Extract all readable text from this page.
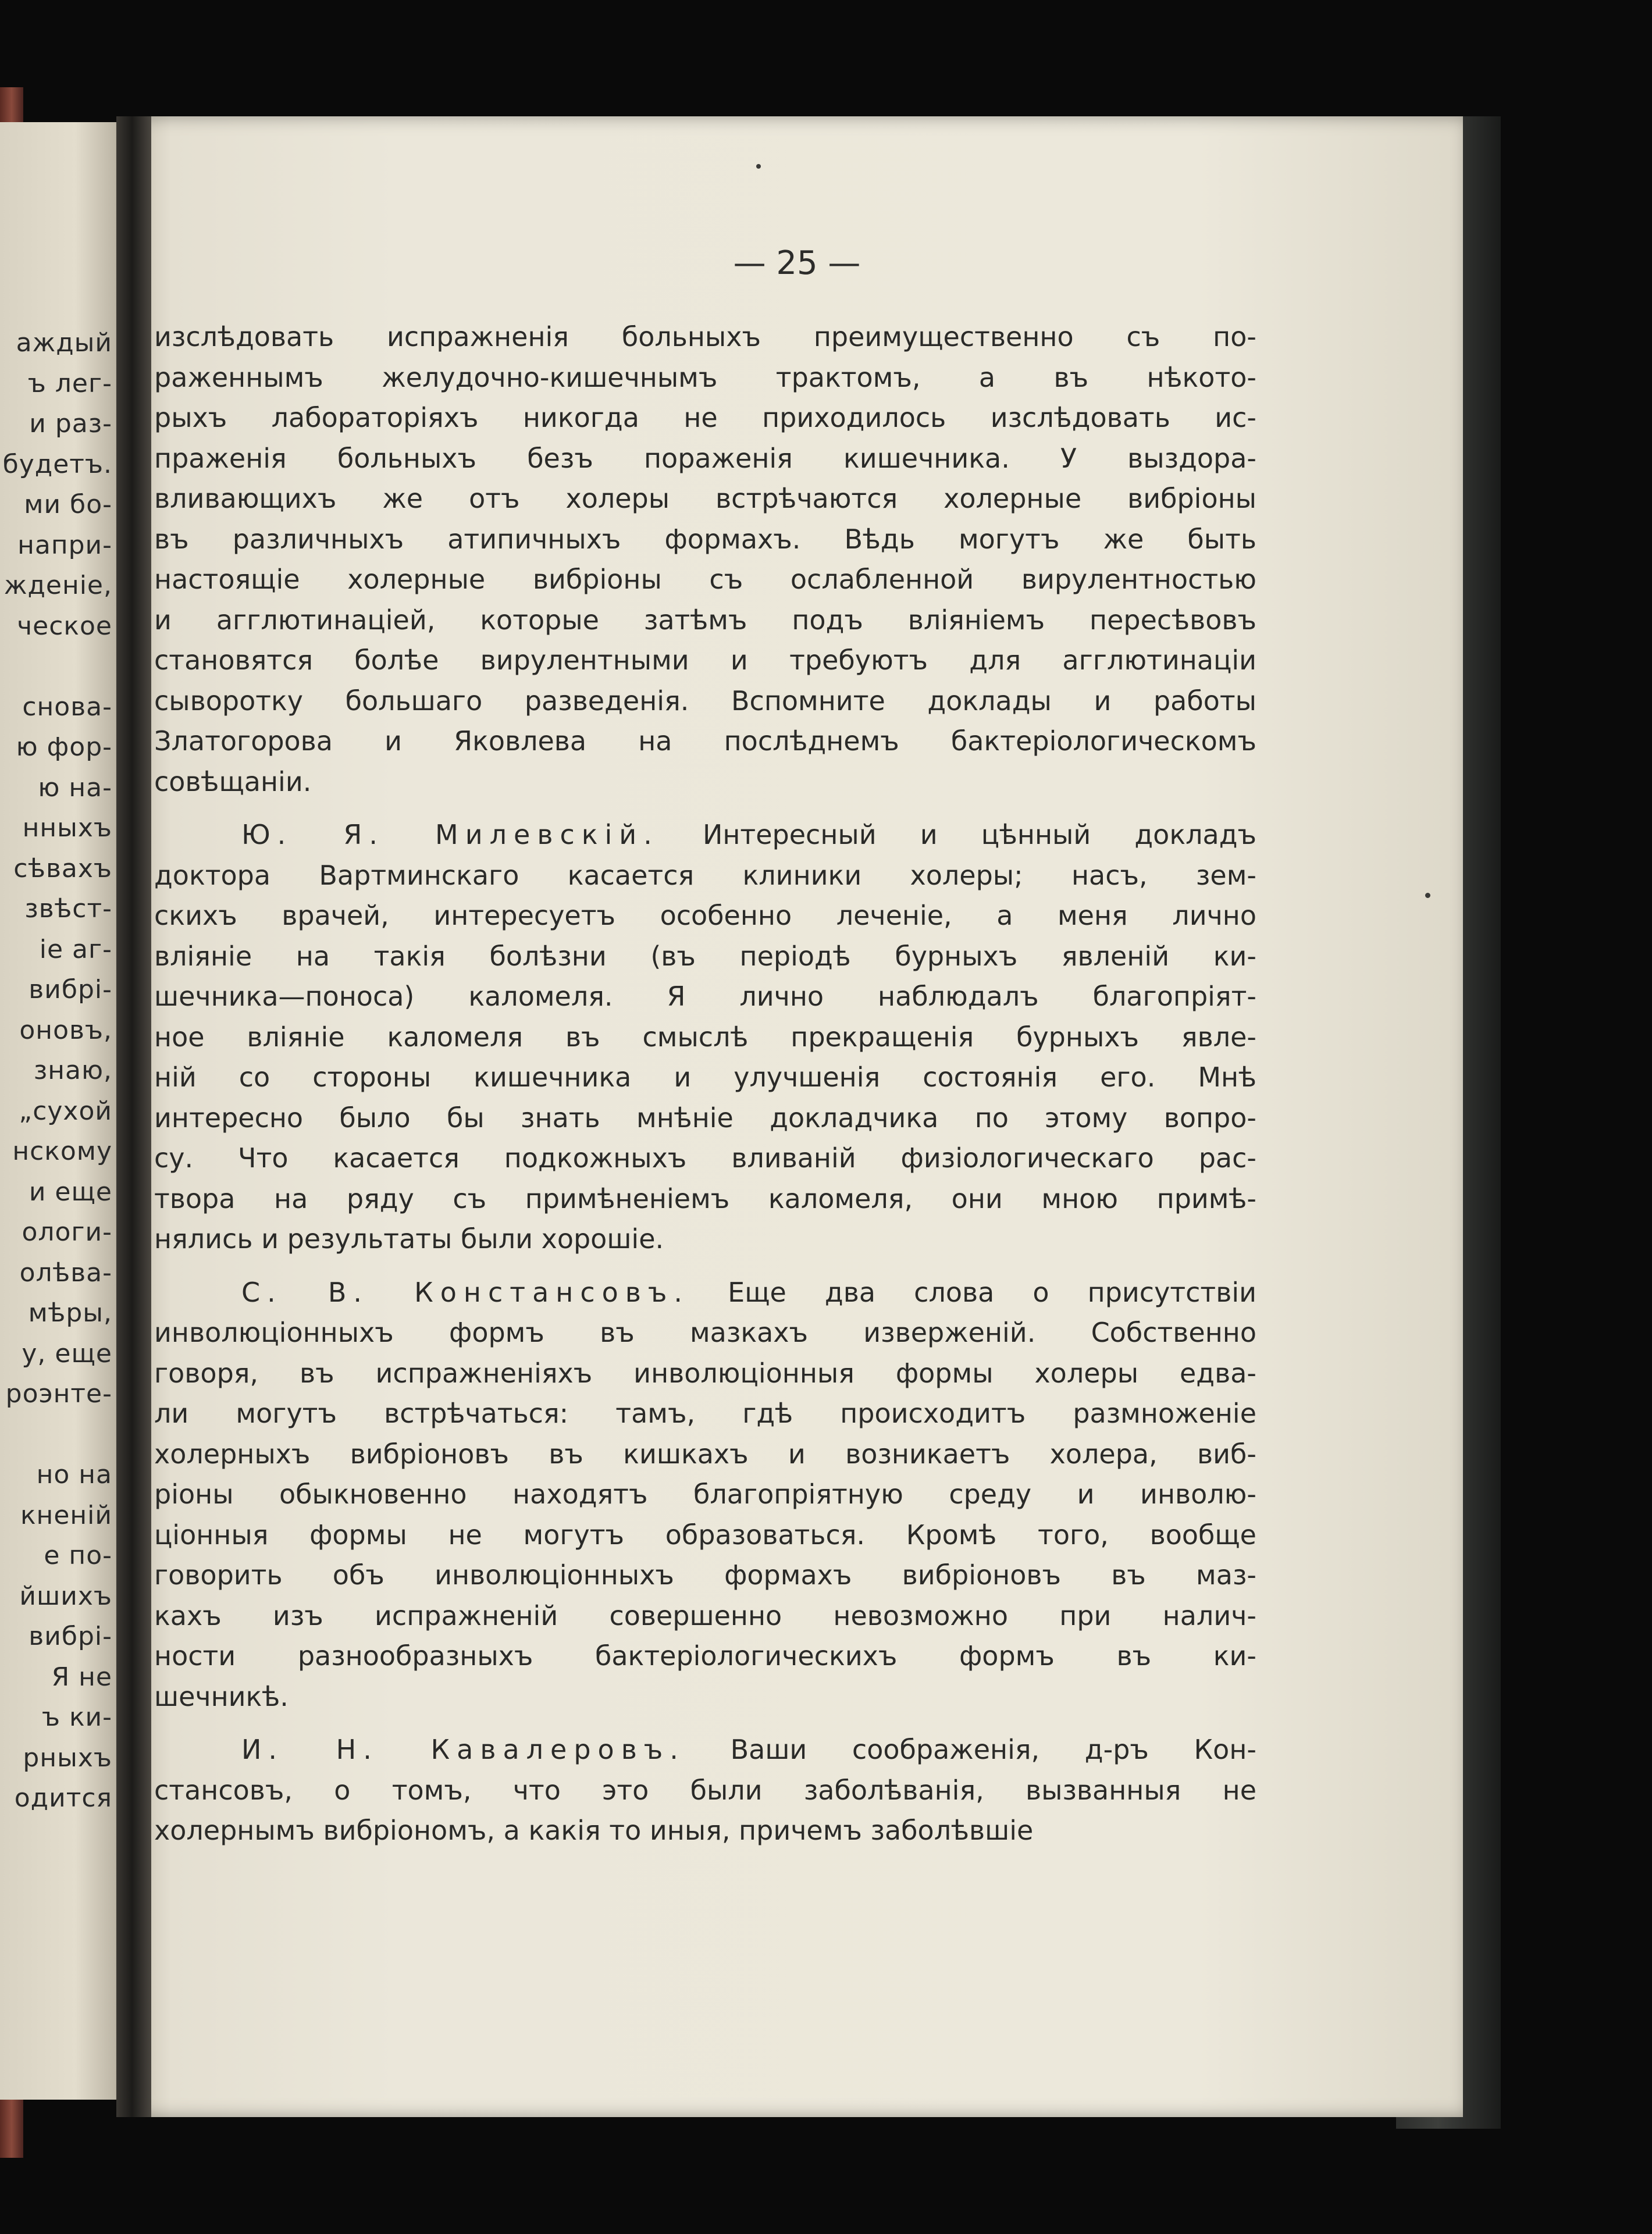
аждый
ъ лег-
и раз-
будетъ.
ми бо-
напри-
жденіе,
ческое

снова-
ю фор-
ю на-
нныхъ
сѣвахъ
звѣст-
іе аг-
вибрі-
оновъ,
знаю,
„сухой
нскому
и еще
ологи-
олѣва-
мѣры,
у, еще
роэнте-

но на
кненій
е по-
йшихъ
вибрі-
Я не
ъ ки-
рныхъ
одится
— 25 —
изслѣдовать испражненія больныхъ преимущественно съ по-
раженнымъ желудочно-кишечнымъ трактомъ, а въ нѣкото-
рыхъ лабораторіяхъ никогда не приходилось изслѣдовать ис-
праженія больныхъ безъ пораженія кишечника. У выздора-
вливающихъ же отъ холеры встрѣчаются холерные вибріоны
въ различныхъ атипичныхъ формахъ. Вѣдь могутъ же быть
настоящіе холерные вибріоны съ ослабленной вирулентностью
и агглютинацiей, которые затѣмъ подъ вліяніемъ пересѣвовъ
становятся болѣе вирулентными и требуютъ для агглютинаціи
сыворотку большаго разведенія. Вспомните доклады и работы
Златогорова и Яковлева на послѣднемъ бактеріологическомъ
совѣщаніи.
Ю. Я. Милевскій. Интересный и цѣнный докладъ
доктора Вартминскаго касается клиники холеры; насъ, зем-
скихъ врачей, интересуетъ особенно леченіе, а меня лично
вліяніе на такія болѣзни (въ періодѣ бурныхъ явленій ки-
шечника—поноса) каломеля. Я лично наблюдалъ благопріят-
ное вліяніе каломеля въ смыслѣ прекращенія бурныхъ явле-
ній со стороны кишечника и улучшенія состоянія его. Мнѣ
интересно было бы знать мнѣніе докладчика по этому вопро-
су. Что касается подкожныхъ вливаній физіологическаго рас-
твора на ряду съ примѣненіемъ каломеля, они мною примѣ-
нялись и результаты были хорошіе.
С. В. Констансовъ. Еще два слова о присутствіи
инволюціонныхъ формъ въ мазкахъ изверженій. Собственно
говоря, въ испражненіяхъ инволюціонныя формы холеры едва-
ли могутъ встрѣчаться: тамъ, гдѣ происходитъ размноженіе
холерныхъ вибріоновъ въ кишкахъ и возникаетъ холера, виб-
ріоны обыкновенно находятъ благопріятную среду и инволю-
ціонныя формы не могутъ образоваться. Кромѣ того, вообще
говорить объ инволюціонныхъ формахъ вибріоновъ въ маз-
кахъ изъ испражненій совершенно невозможно при налич-
ности разнообразныхъ бактеріологическихъ формъ въ ки-
шечникѣ.
И. Н. Кавалеровъ. Ваши соображенія, д-ръ Кон-
стансовъ, о томъ, что это были заболѣванія, вызванныя не
холернымъ вибріономъ, а какія то иныя, причемъ заболѣвшіе
